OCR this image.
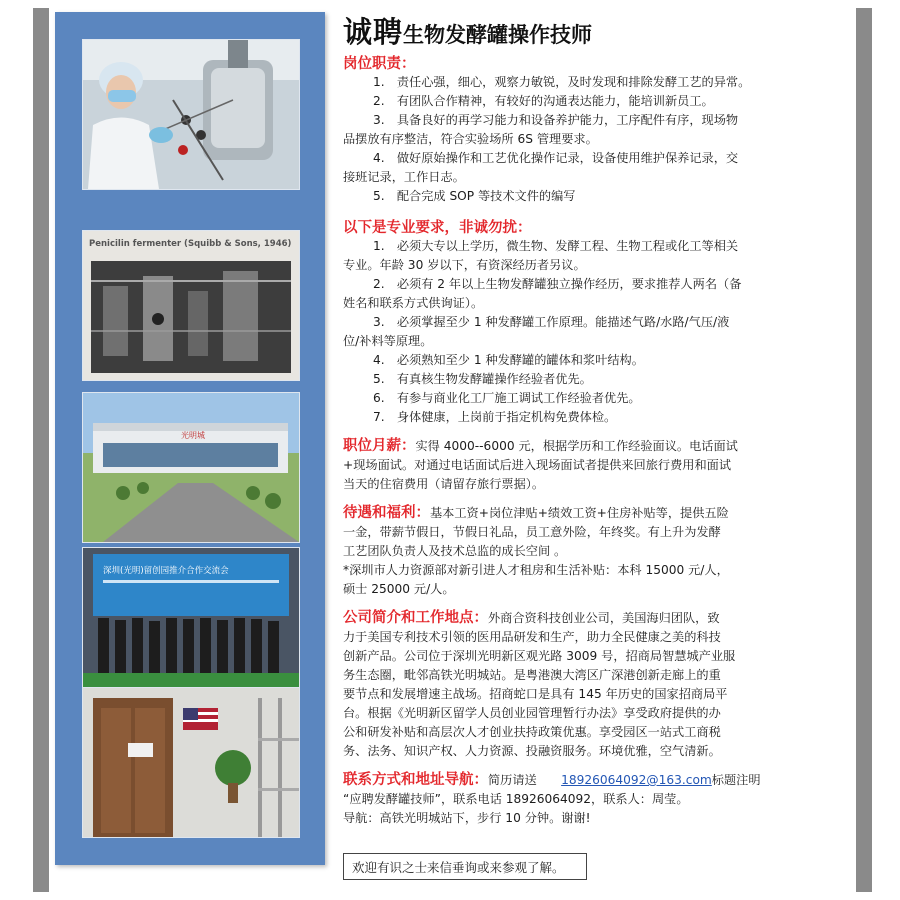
Penicilin fermenter (Squibb & Sons, 1946)
光明城
深圳(光明)留创园推介合作交流会
诚聘生物发酵罐操作技师
岗位职责：
1.　责任心强，细心，观察力敏锐，及时发现和排除发酵工艺的异常。
2.　有团队合作精神，有较好的沟通表达能力，能培训新员工。
3.　具备良好的再学习能力和设备养护能力，工序配件有序，现场物
品摆放有序整洁，符合实验场所 6S 管理要求。
4.　做好原始操作和工艺优化操作记录，设备使用维护保养记录，交
接班记录，工作日志。
5.　配合完成 SOP 等技术文件的编写
以下是专业要求，非诚勿扰：
1.　必须大专以上学历，微生物、发酵工程、生物工程或化工等相关
专业。年龄 30 岁以下，有资深经历者另议。
2.　必须有 2 年以上生物发酵罐独立操作经历，要求推荐人两名（备
姓名和联系方式供询证）。
3.　必须掌握至少 1 种发酵罐工作原理。能描述气路/水路/气压/液
位/补料等原理。
4.　必须熟知至少 1 种发酵罐的罐体和浆叶结构。
5.　有真核生物发酵罐操作经验者优先。
6.　有参与商业化工厂施工调试工作经验者优先。
7.　身体健康，上岗前于指定机构免费体检。
职位月薪：实得 4000--6000 元，根据学历和工作经验面议。电话面试
+现场面试。对通过电话面试后进入现场面试者提供来回旅行费用和面试
当天的住宿费用（请留存旅行票据）。
待遇和福利：基本工资+岗位津贴+绩效工资+住房补贴等，提供五险
一金，带薪节假日，节假日礼品，员工意外险，年终奖。有上升为发酵
工艺团队负责人及技术总监的成长空间 。
*深圳市人力资源部对新引进人才租房和生活补贴：本科 15000 元/人，
硕士 25000 元/人。
公司简介和工作地点：外商合资科技创业公司，美国海归团队，致
力于美国专利技术引领的医用品研发和生产，助力全民健康之美的科技
创新产品。公司位于深圳光明新区观光路 3009 号，招商局智慧城产业服
务生态圈，毗邻高铁光明城站。是粤港澳大湾区广深港创新走廊上的重
要节点和发展增速主战场。招商蛇口是具有 145 年历史的国家招商局平
台。根据《光明新区留学人员创业园管理暂行办法》享受政府提供的办
公和研发补贴和高层次人才创业扶持政策优惠。享受园区一站式工商税
务、法务、知识产权、人力资源、投融资服务。环境优雅，空气清新。
联系方式和地址导航：简历请送　　18926064092@163.com标题注明
“应聘发酵罐技师”，联系电话 18926064092，联系人：周莹。
导航：高铁光明城站下，步行 10 分钟。谢谢!
欢迎有识之士来信垂询或来参观了解。
